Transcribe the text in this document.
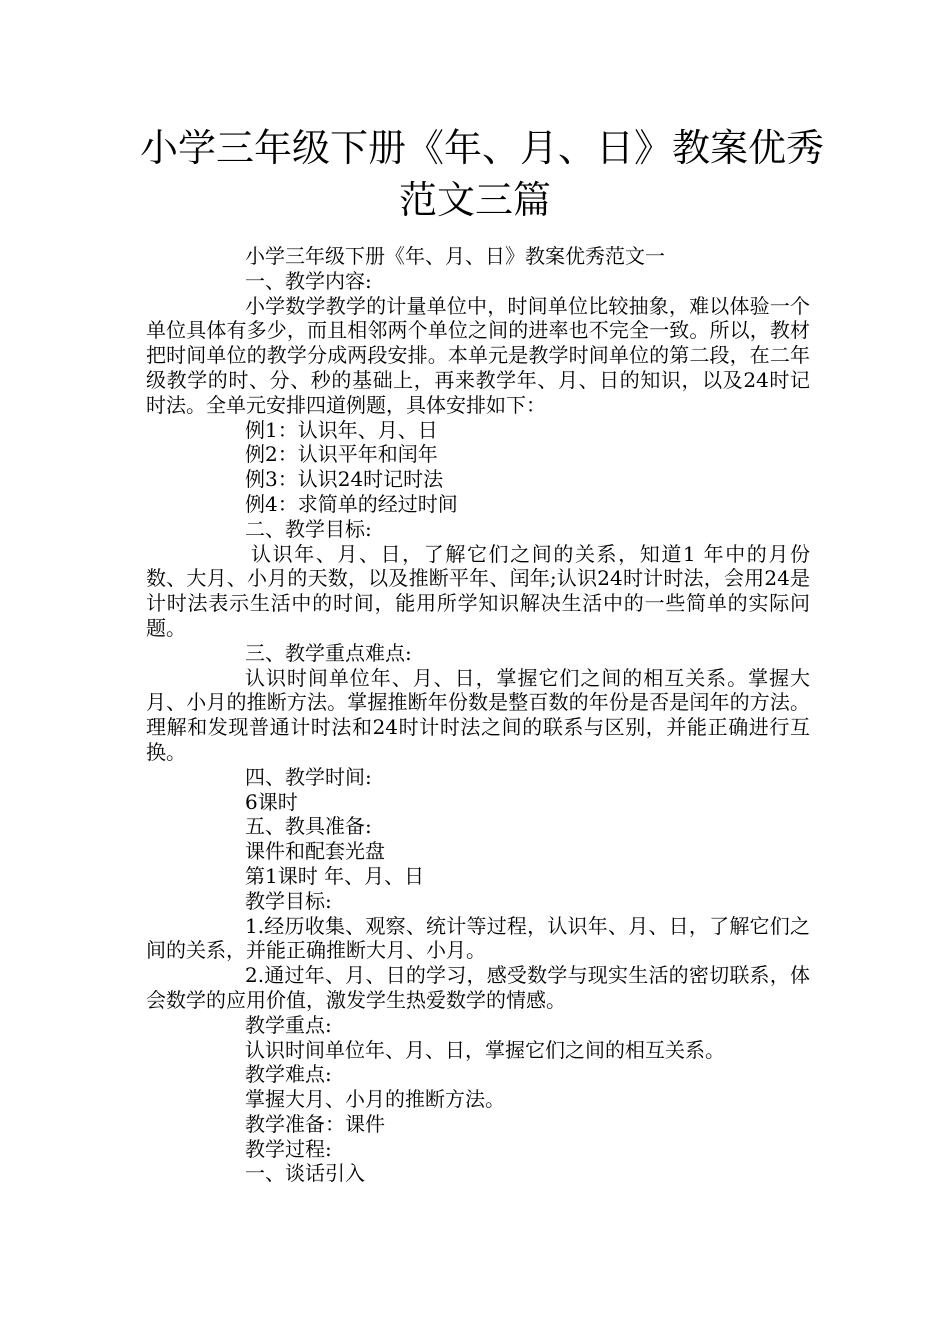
小学三年级下册《年、月、日》教案优秀
范文三篇

小学三年级下册《年、月、日》教案优秀范文一

一、教学内容:

小学数学教学的计量单位中，时间单位比较抽象，难以体验一个单位具体有多少，而且相邻两个单位之间的进率也不完全一致。所以，教材把时间单位的教学分成两段安排。本单元是教学时间单位的第二段，在二年级教学的时、分、秒的基础上，再来教学年、月、日的知识，以及24时记时法。全单元安排四道例题，具体安排如下：

例1：认识年、月、日

例2：认识平年和闰年

例3：认识24时记时法

例4：求简单的经过时间

二、教学目标:

认识年、月、日，了解它们之间的关系，知道1 年中的月份数、大月、小月的天数，以及推断平年、闰年;认识24时计时法，会用24是计时法表示生活中的时间，能用所学知识解决生活中的一些简单的实际问题。

三、教学重点难点:

认识时间单位年、月、日，掌握它们之间的相互关系。掌握大月、小月的推断方法。掌握推断年份数是整百数的年份是否是闰年的方法。理解和发现普通计时法和24时计时法之间的联系与区别，并能正确进行互换。

四、教学时间:

6课时

五、教具准备:

课件和配套光盘

第1课时 年、月、日

教学目标:

1.经历收集、观察、统计等过程，认识年、月、日，了解它们之间的关系，并能正确推断大月、小月。

2.通过年、月、日的学习，感受数学与现实生活的密切联系，体会数学的应用价值，激发学生热爱数学的情感。

教学重点:

认识时间单位年、月、日，掌握它们之间的相互关系。

教学难点:

掌握大月、小月的推断方法。

教学准备：课件

教学过程:

一、谈话引入
